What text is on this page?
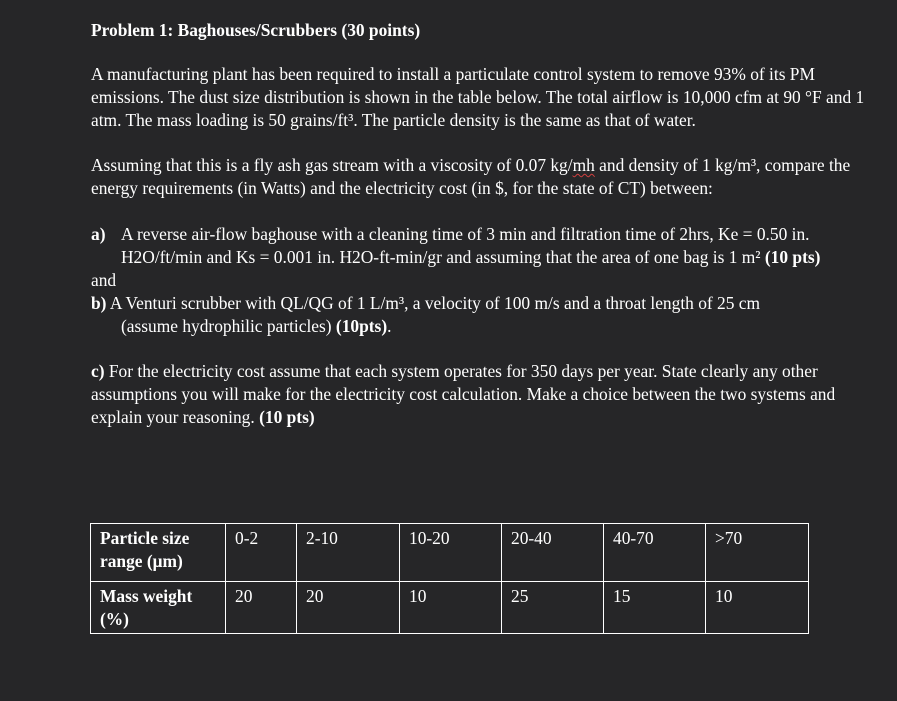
Problem 1: Baghouses/Scrubbers (30 points)

A manufacturing plant has been required to install a particulate control system to remove 93% of its PM emissions. The dust size distribution is shown in the table below. The total airflow is 10,000 cfm at 90 °F and 1 atm. The mass loading is 50 grains/ft³. The particle density is the same as that of water.

Assuming that this is a fly ash gas stream with a viscosity of 0.07 kg/mh and density of 1 kg/m³, compare the energy requirements (in Watts) and the electricity cost (in $, for the state of CT) between:

a) A reverse air-flow baghouse with a cleaning time of 3 min and filtration time of 2hrs, Ke = 0.50 in. H2O/ft/min and Ks = 0.001 in. H2O-ft-min/gr and assuming that the area of one bag is 1 m² (10 pts)
and
b) A Venturi scrubber with QL/QG of 1 L/m³, a velocity of 100 m/s and a throat length of 25 cm
(assume hydrophilic particles) (10pts).
c) For the electricity cost assume that each system operates for 350 days per year. State clearly any other assumptions you will make for the electricity cost calculation. Make a choice between the two systems and explain your reasoning. (10 pts)
Particle size range (μm)	0-2	2-10	10-20	20-40	40-70	>70
Mass weight (%)	20	20	10	25	15	10
